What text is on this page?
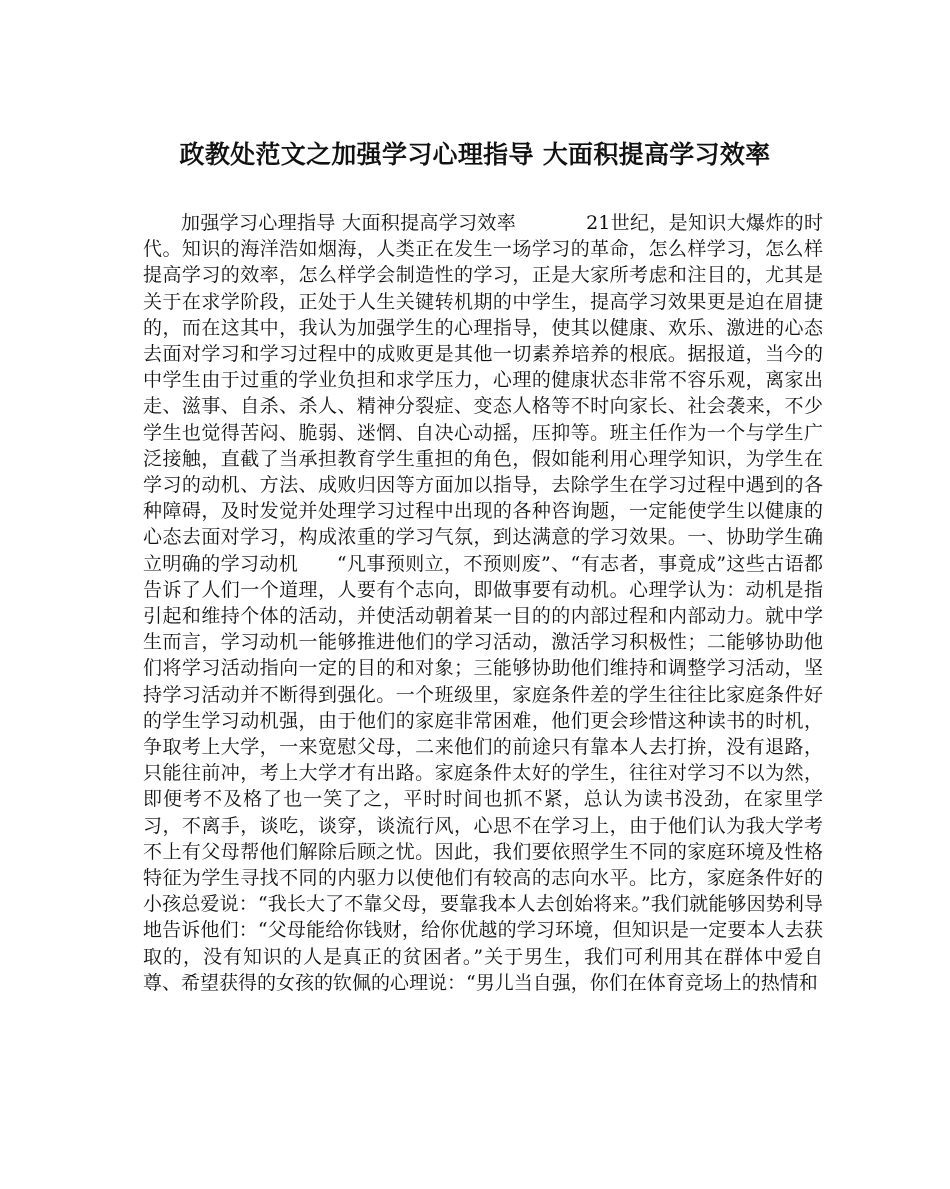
政教处范文之加强学习心理指导 大面积提高学习效率

加强学习心理指导 大面积提高学习效率	21世纪，是知识大爆炸的时代。知识的海洋浩如烟海，人类正在发生一场学习的革命，怎么样学习，怎么样提高学习的效率，怎么样学会制造性的学习，正是大家所考虑和注目的，尤其是关于在求学阶段，正处于人生关键转机期的中学生，提高学习效果更是迫在眉捷的，而在这其中，我认为加强学生的心理指导，使其以健康、欢乐、激进的心态去面对学习和学习过程中的成败更是其他一切素养培养的根底。据报道，当今的中学生由于过重的学业负担和求学压力，心理的健康状态非常不容乐观，离家出走、滋事、自杀、杀人、精神分裂症、变态人格等不时向家长、社会袭来，不少学生也觉得苦闷、脆弱、迷惘、自决心动摇，压抑等。班主任作为一个与学生广泛接触，直截了当承担教育学生重担的角色，假如能利用心理学知识，为学生在学习的动机、方法、成败归因等方面加以指导，去除学生在学习过程中遇到的各种障碍，及时发觉并处理学习过程中出现的各种咨询题，一定能使学生以健康的心态去面对学习，构成浓重的学习气氛，到达满意的学习效果。一、协助学生确立明确的学习动机　　“凡事预则立，不预则废”、“有志者，事竟成”这些古语都告诉了人们一个道理，人要有个志向，即做事要有动机。心理学认为：动机是指引起和维持个体的活动，并使活动朝着某一目的的内部过程和内部动力。就中学生而言，学习动机一能够推进他们的学习活动，激活学习积极性；二能够协助他们将学习活动指向一定的目的和对象；三能够协助他们维持和调整学习活动，坚持学习活动并不断得到强化。一个班级里，家庭条件差的学生往往比家庭条件好的学生学习动机强，由于他们的家庭非常困难，他们更会珍惜这种读书的时机，争取考上大学，一来宽慰父母，二来他们的前途只有靠本人去打拚，没有退路，只能往前冲，考上大学才有出路。家庭条件太好的学生，往往对学习不以为然，即便考不及格了也一笑了之，平时时间也抓不紧，总认为读书没劲，在家里学习，不离手，谈吃，谈穿，谈流行风，心思不在学习上，由于他们认为我大学考不上有父母帮他们解除后顾之忧。因此，我们要依照学生不同的家庭环境及性格特征为学生寻找不同的内驱力以使他们有较高的志向水平。比方，家庭条件好的小孩总爱说：“我长大了不靠父母，要靠我本人去创始将来。”我们就能够因势利导地告诉他们：“父母能给你钱财，给你优越的学习环境，但知识是一定要本人去获取的，没有知识的人是真正的贫困者。”关于男生，我们可利用其在群体中爱自尊、希望获得的女孩的钦佩的心理说：“男儿当自强，你们在体育竞场上的热情和
